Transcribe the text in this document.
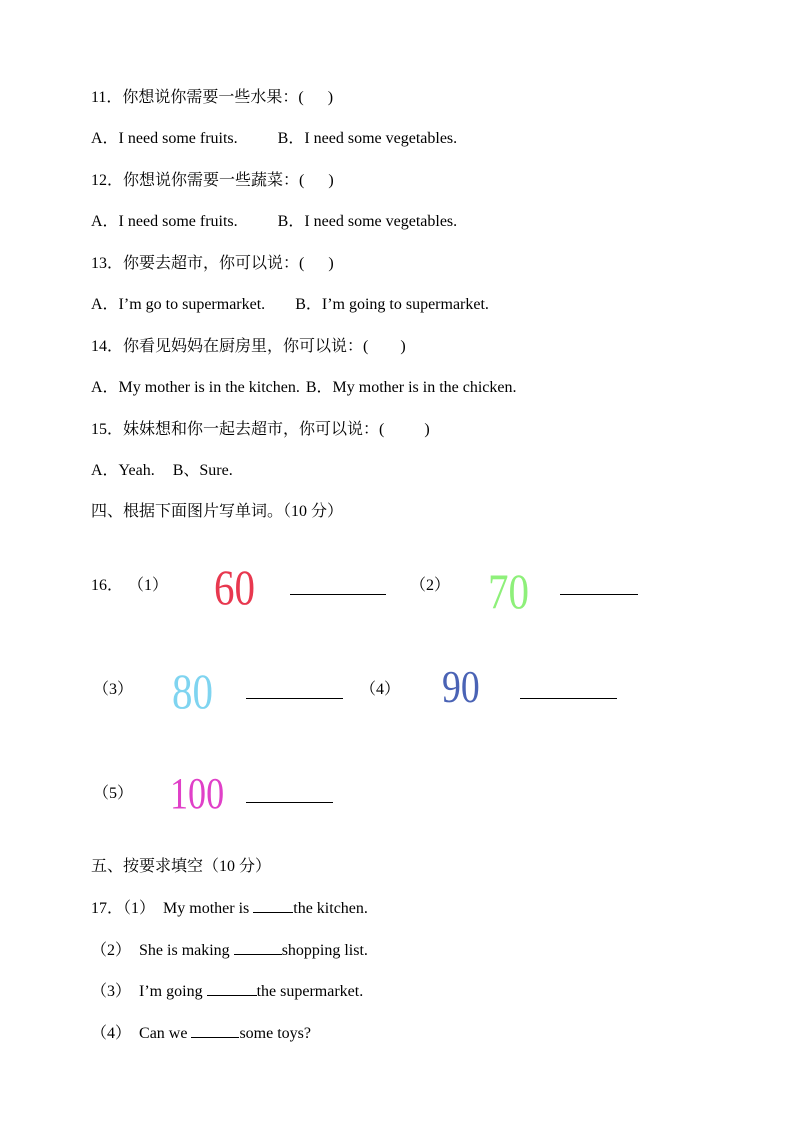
11．你想说你需要一些水果：(      )
A．I need some fruits.	B．I need some vegetables.
12．你想说你需要一些蔬菜：(      )
A．I need some fruits.	B．I need some vegetables.
13．你要去超市，你可以说：(      )
A．I’m go to supermarket. B．I’m going to supermarket.
14．你看见妈妈在厨房里，你可以说：(        )
A．My mother is in the kitchen. B．My mother is in the chicken.
15．妹妹想和你一起去超市，你可以说：(          )
A．Yeah. B、Sure.
四、根据下面图片写单词。（10 分）
16． （1） 60	（2） 70
（3） 80	（4） 90
（5） 100
五、按要求填空（10 分）
17．（1） My mother is	the kitchen.
（2） She is making	shopping list.
（3） I’m going	the supermarket.
（4） Can we	some toys?
